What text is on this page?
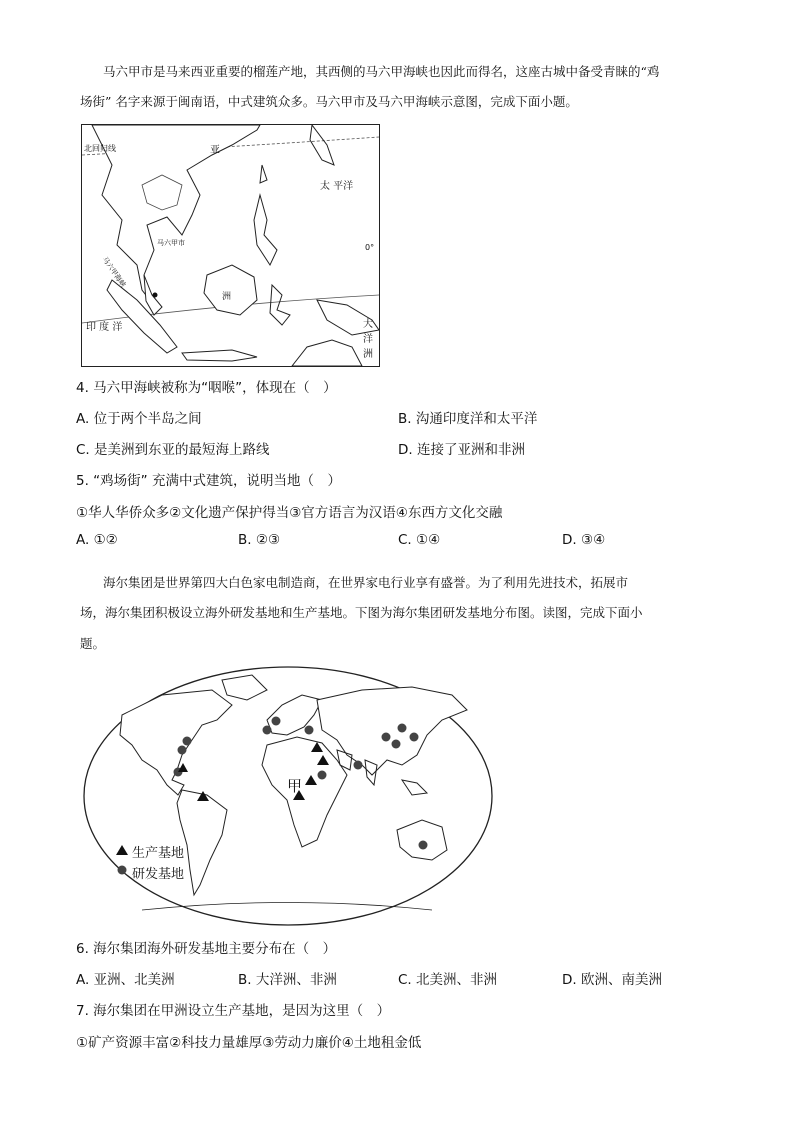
马六甲市是马来西亚重要的榴莲产地，其西侧的马六甲海峡也因此而得名，这座古城中备受青睐的“鸡
场街” 名字来源于闽南语，中式建筑众多。马六甲市及马六甲海峡示意图，完成下面小题。
北回归线	亚
太 平洋
马六甲市
马六甲海峡
洲
0°
印 度 洋	大
洋
洲
4. 马六甲海峡被称为“咽喉”，体现在（　）
A. 位于两个半岛之间	B. 沟通印度洋和太平洋
C. 是美洲到东亚的最短海上路线	D. 连接了亚洲和非洲
5. “鸡场街” 充满中式建筑，说明当地（　）
①华人华侨众多②文化遗产保护得当③官方语言为汉语④东西方文化交融
A. ①②	B. ②③	C. ①④	D. ③④
海尔集团是世界第四大白色家电制造商，在世界家电行业享有盛誉。为了利用先进技术，拓展市
场，海尔集团积极设立海外研发基地和生产基地。下图为海尔集团研发基地分布图。读图，完成下面小
题。
甲
生产基地
研发基地
6. 海尔集团海外研发基地主要分布在（　）
A. 亚洲、北美洲	B. 大洋洲、非洲	C. 北美洲、非洲	D. 欧洲、南美洲
7. 海尔集团在甲洲设立生产基地，是因为这里（　）
①矿产资源丰富②科技力量雄厚③劳动力廉价④土地租金低
